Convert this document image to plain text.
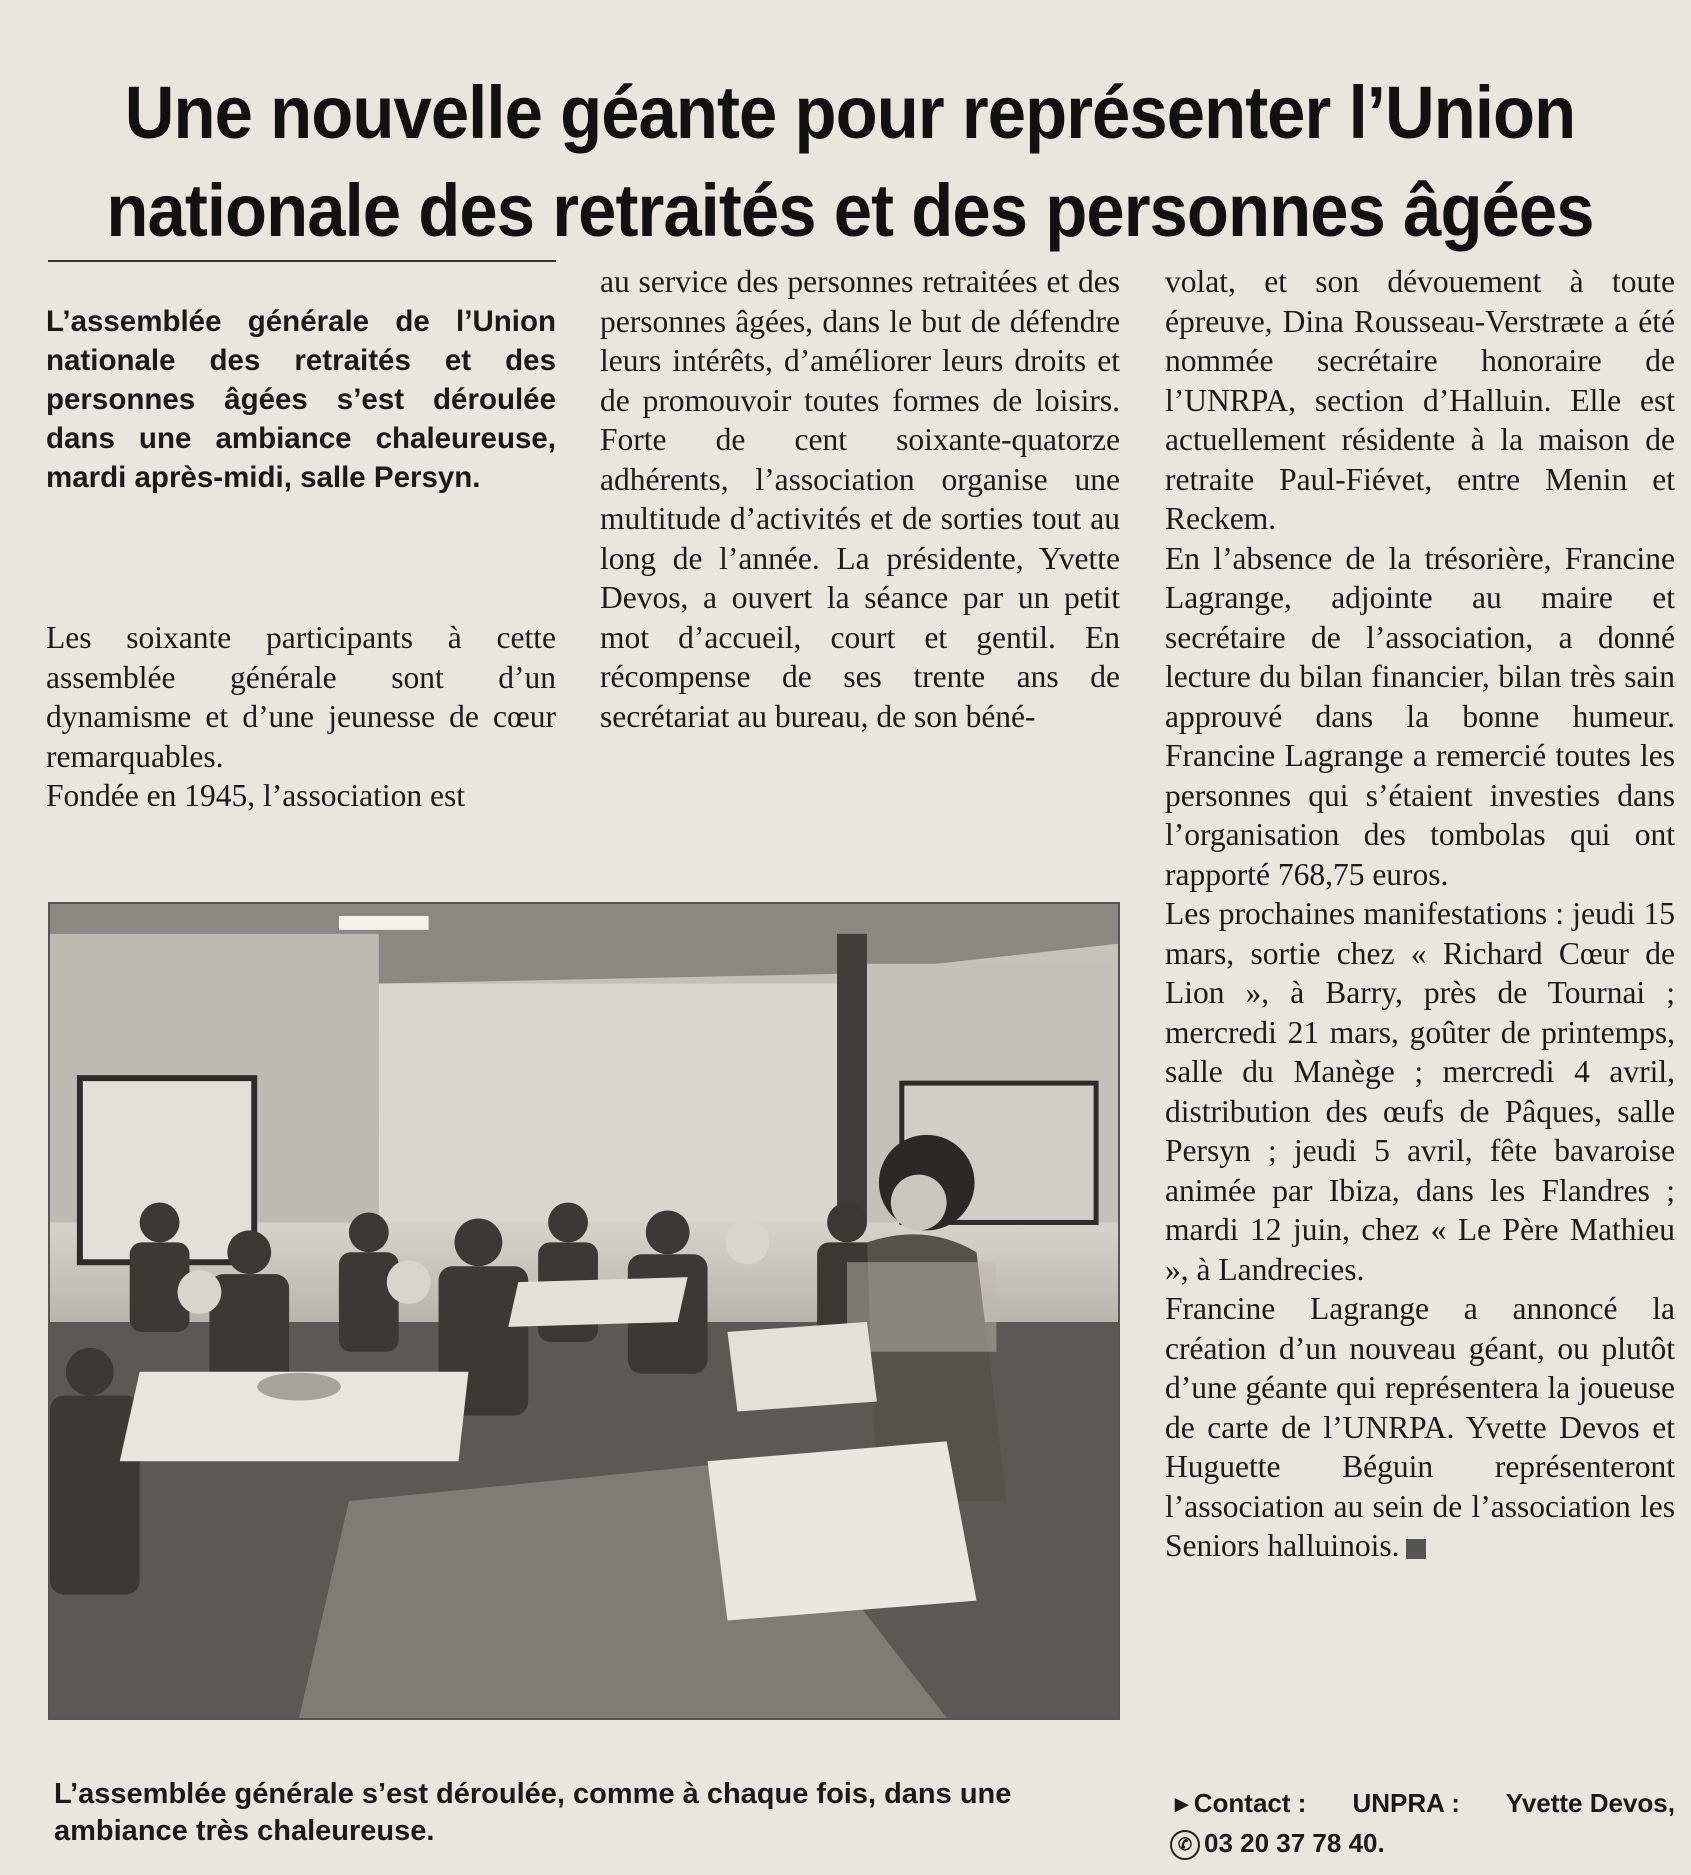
Une nouvelle géante pour représenter l’Union
nationale des retraités et des personnes âgées

L’assemblée générale de l’Union nationale des retraités et des personnes âgées s’est déroulée dans une ambiance chaleureuse, mardi après-midi, salle Persyn.

Les soixante participants à cette assemblée générale sont d’un dynamisme et d’une jeunesse de cœur remarquables.

Fondée en 1945, l’association est

au service des personnes retraitées et des personnes âgées, dans le but de défendre leurs intérêts, d’améliorer leurs droits et de promouvoir toutes formes de loisirs. Forte de cent soixante-quatorze adhérents, l’association organise une multitude d’activités et de sorties tout au long de l’année. La présidente, Yvette Devos, a ouvert la séance par un petit mot d’accueil, court et gentil. En récompense de ses trente ans de secrétariat au bureau, de son béné-

volat, et son dévouement à toute épreuve, Dina Rousseau-Verstræte a été nommée secrétaire honoraire de l’UNRPA, section d’Halluin. Elle est actuellement résidente à la maison de retraite Paul-Fiévet, entre Menin et Reckem.

En l’absence de la trésorière, Francine Lagrange, adjointe au maire et secrétaire de l’association, a donné lecture du bilan financier, bilan très sain approuvé dans la bonne humeur. Francine Lagrange a remercié toutes les personnes qui s’étaient investies dans l’organisation des tombolas qui ont rapporté 768,75 euros.

Les prochaines manifestations : jeudi 15 mars, sortie chez « Richard Cœur de Lion », à Barry, près de Tournai ; mercredi 21 mars, goûter de printemps, salle du Manège ; mercredi 4 avril, distribution des œufs de Pâques, salle Persyn ; jeudi 5 avril, fête bavaroise animée par Ibiza, dans les Flandres ; mardi 12 juin, chez « Le Père Mathieu », à Landrecies.

Francine Lagrange a annoncé la création d’un nouveau géant, ou plutôt d’une géante qui représentera la joueuse de carte de l’UNRPA. Yvette Devos et Huguette Béguin représenteront l’association au sein de l’association les Seniors halluinois.

L’assemblée générale s’est déroulée, comme à chaque fois, dans une ambiance très chaleureuse.

►Contact : UNPRA : Yvette Devos,
✆ 03 20 37 78 40.
